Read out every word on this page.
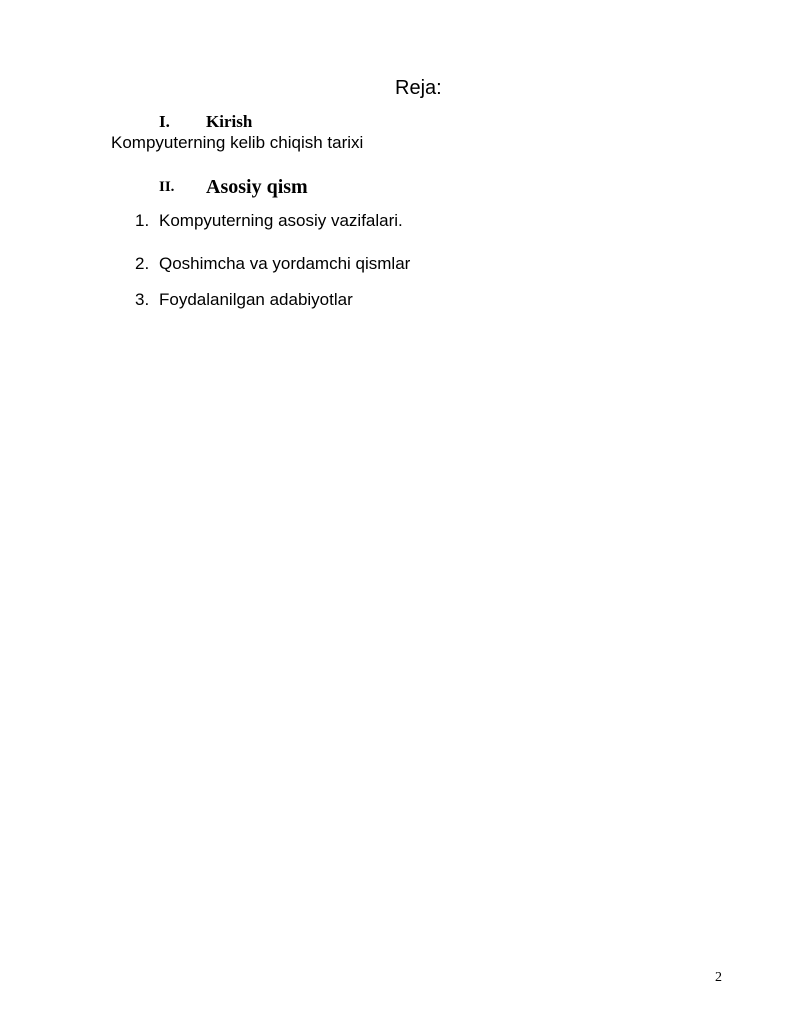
Reja:
I. Kirish
Kompyuterning kelib chiqish tarixi
II. Asosiy qism
1. Kompyuterning asosiy vazifalari.
2. Qoshimcha va yordamchi qismlar
3. Foydalanilgan adabiyotlar
2
